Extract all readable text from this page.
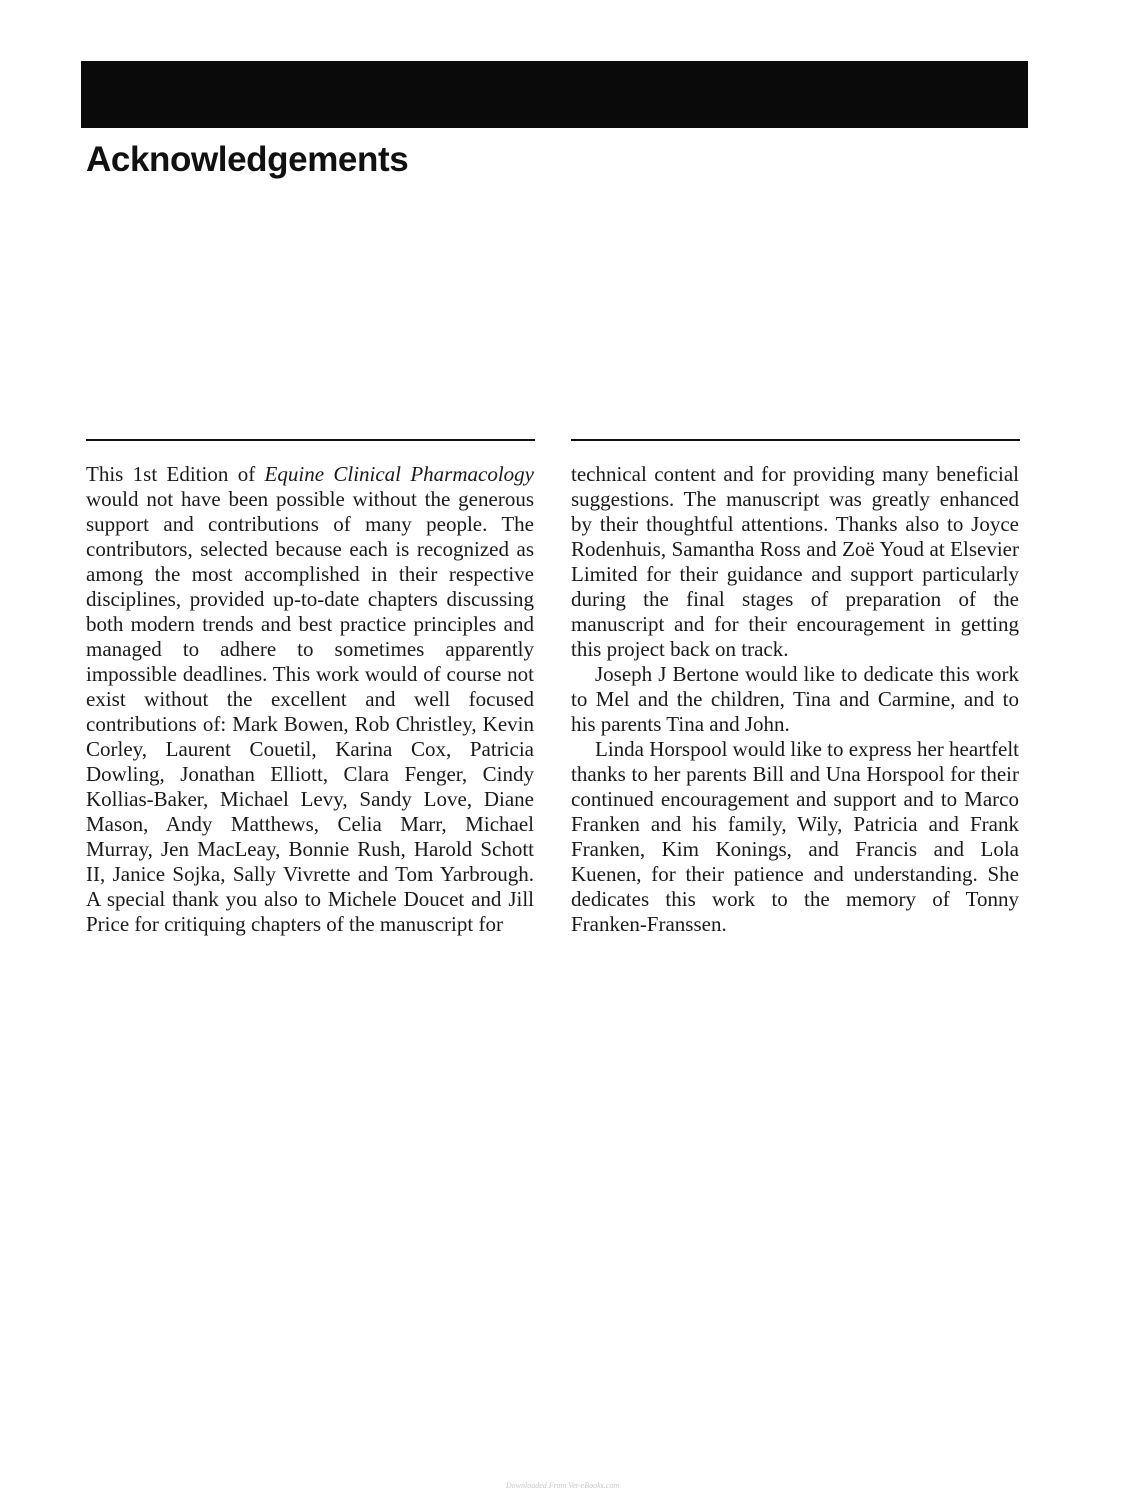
Acknowledgements

This 1st Edition of Equine Clinical Pharmacology would not have been possible without the generous support and contributions of many people. The contributors, selected because each is recognized as among the most accomplished in their respective disciplines, provided up-to-date chapters discussing both modern trends and best practice principles and managed to adhere to sometimes apparently impossible deadlines. This work would of course not exist without the excellent and well focused contributions of: Mark Bowen, Rob Christley, Kevin Corley, Laurent Couetil, Karina Cox, Patricia Dowling, Jonathan Elliott, Clara Fenger, Cindy Kollias-Baker, Michael Levy, Sandy Love, Diane Mason, Andy Matthews, Celia Marr, Michael Murray, Jen MacLeay, Bonnie Rush, Harold Schott II, Janice Sojka, Sally Vivrette and Tom Yarbrough. A special thank you also to Michele Doucet and Jill Price for critiquing chapters of the manuscript for

technical content and for providing many beneficial suggestions. The manuscript was greatly enhanced by their thoughtful attentions. Thanks also to Joyce Rodenhuis, Samantha Ross and Zoë Youd at Elsevier Limited for their guidance and support particularly during the final stages of preparation of the manuscript and for their encouragement in getting this project back on track.

Joseph J Bertone would like to dedicate this work to Mel and the children, Tina and Carmine, and to his parents Tina and John.

Linda Horspool would like to express her heartfelt thanks to her parents Bill and Una Horspool for their continued encouragement and support and to Marco Franken and his family, Wily, Patricia and Frank Franken, Kim Konings, and Francis and Lola Kuenen, for their patience and understanding. She dedicates this work to the memory of Tonny Franken-Franssen.

Downloaded From Vet-eBooks.com
